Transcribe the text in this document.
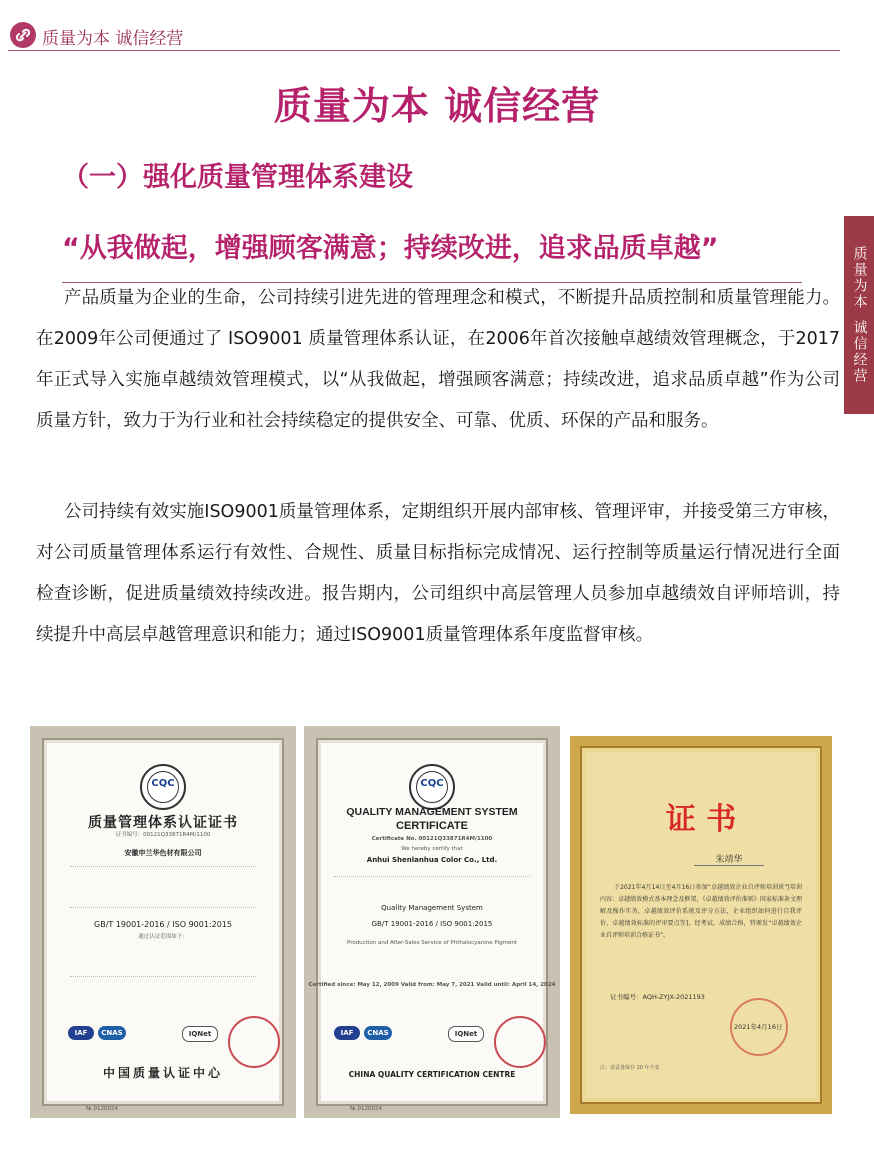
质量为本 诚信经营
质量为本 诚信经营
（一）强化质量管理体系建设
“从我做起，增强顾客满意；持续改进，追求品质卓越”

产品质量为企业的生命，公司持续引进先进的管理理念和模式，不断提升品质控制和质量管理能力。在2009年公司便通过了 ISO9001 质量管理体系认证，在2006年首次接触卓越绩效管理概念，于2017年正式导入实施卓越绩效管理模式，以“从我做起，增强顾客满意；持续改进，追求品质卓越”作为公司质量方针，致力于为行业和社会持续稳定的提供安全、可靠、优质、环保的产品和服务。

公司持续有效实施ISO9001质量管理体系，定期组织开展内部审核、管理评审，并接受第三方审核，对公司质量管理体系运行有效性、合规性、质量目标指标完成情况、运行控制等质量运行情况进行全面检查诊断，促进质量绩效持续改进。报告期内，公司组织中高层管理人员参加卓越绩效自评师培训，持续提升中高层卓越管理意识和能力；通过ISO9001质量管理体系年度监督审核。

质量为本
诚信经营
CQC
质量管理体系认证证书
证书编号：00121Q33871R4M/1100
安徽申兰华色材有限公司
GB/T 19001-2016 / ISO 9001:2015
通过认证范围如下：
IAF	CNAS	IQNet
中国质量认证中心
№ 0120024
CQC
QUALITY MANAGEMENT SYSTEM
CERTIFICATE
Certificate No. 00121Q33871R4M/1100
We hereby certify that
Anhui Shenlanhua Color Co., Ltd.
Quality Management System
GB/T 19001-2016 / ISO 9001:2015
Production and After-Sales Service of Phthalocyanine Pigment
Certified since: May 12, 2009 Valid from: May 7, 2021 Valid until: April 14, 2024
IAF	CNAS	IQNet
CHINA QUALITY CERTIFICATION CENTRE
№ 0120024
证 书
朱靖华
于2021年4月14日至4月16日参加“卓越绩效企业自评师培训班”[培训内容：卓越绩效模式基本理念及框架，《卓越绩效评价准则》国家标准条文理解及操作实务，卓越绩效评价系统及评分方法，企业组织如何进行自我评价，卓越绩效标准的评审要点等]，经考试，成绩合格，特颁发“卓越绩效企业自评师培训合格证书”。
证书编号：AQH-ZYJX-2021193
2021年4月16日
注：请妥善保存 20 年不变
